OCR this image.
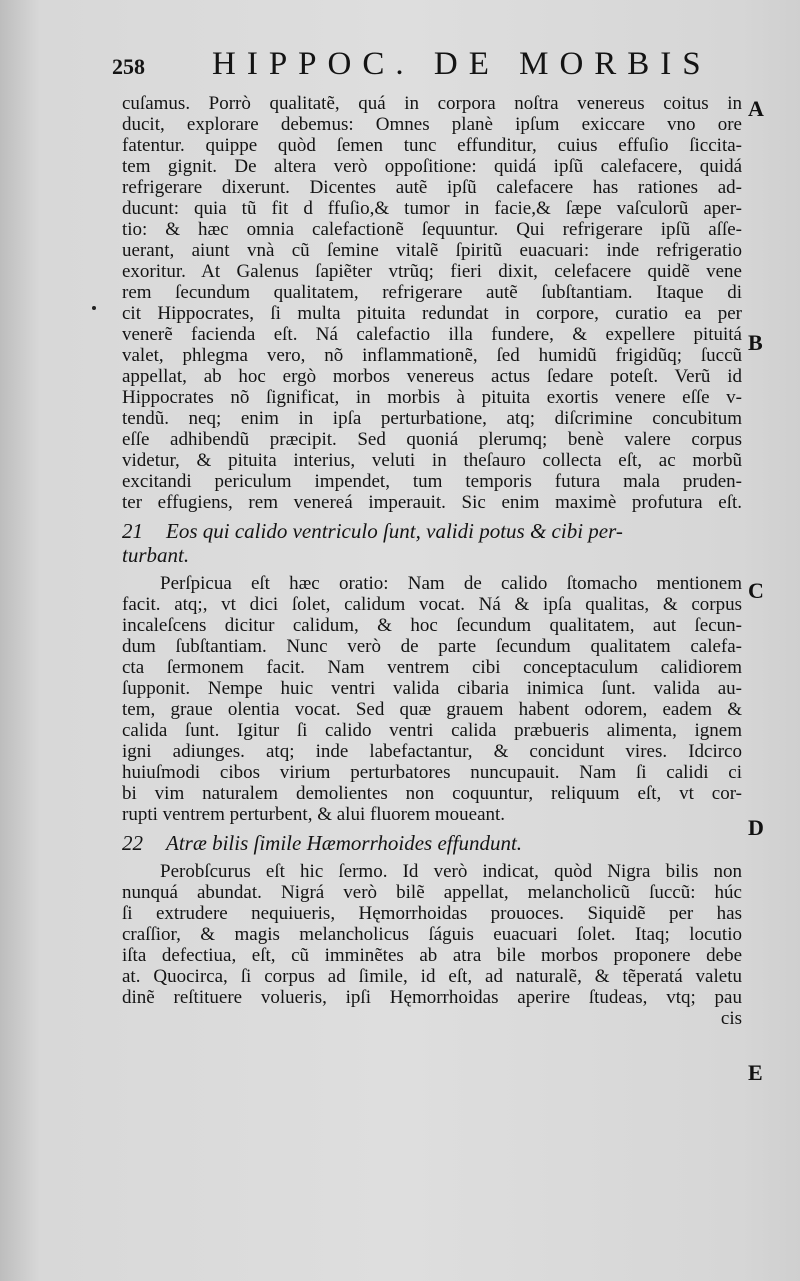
258 HIPPOC. DE MORBIS
cuſamus. Porrò qualitatẽ, quá in corpora noſtra venereus coitus in
ducit, explorare debemus: Omnes planè ipſum exiccare vno ore
fatentur. quippe quòd ſemen tunc effunditur, cuius effuſio ſiccita-
tem gignit. De altera verò oppoſitione: quidá ipſũ calefacere, quidá
refrigerare dixerunt. Dicentes autẽ ipſũ calefacere has rationes ad-
ducunt: quia tũ fit d ffuſio,& tumor in facie,& ſæpe vaſculorũ aper-
tio: & hæc omnia calefactionẽ ſequuntur. Qui refrigerare ipſũ aſſe-
uerant, aiunt vnà cũ ſemine vitalẽ ſpiritũ euacuari: inde refrigeratio
exoritur. At Galenus ſapiẽter vtrũq; fieri dixit, celefacere quidẽ vene
rem ſecundum qualitatem, refrigerare autẽ ſubſtantiam. Itaque di
cit Hippocrates, ſi multa pituita redundat in corpore, curatio ea per
venerẽ facienda eſt. Ná calefactio illa fundere, & expellere pituitá
valet, phlegma vero, nõ inflammationẽ, ſed humidũ frigidũq; ſuccũ
appellat, ab hoc ergò morbos venereus actus ſedare poteſt. Verũ id
Hippocrates nõ ſignificat, in morbis à pituita exortis venere eſſe v-
tendũ. neq; enim in ipſa perturbatione, atq; diſcrimine concubitum
eſſe adhibendũ præcipit. Sed quoniá plerumq; benè valere corpus
videtur, & pituita interius, veluti in theſauro collecta eſt, ac morbũ
excitandi periculum impendet, tum temporis futura mala pruden-
ter effugiens, rem venereá imperauit. Sic enim maximè profutura eſt.
21 Eos qui calido ventriculo ſunt, validi potus & cibi per-
turbant.
Perſpicua eſt hæc oratio: Nam de calido ſtomacho mentionem
facit. atq;, vt dici ſolet, calidum vocat. Ná & ipſa qualitas, & corpus
incaleſcens dicitur calidum, & hoc ſecundum qualitatem, aut ſecun-
dum ſubſtantiam. Nunc verò de parte ſecundum qualitatem calefa-
cta ſermonem facit. Nam ventrem cibi conceptaculum calidiorem
ſupponit. Nempe huic ventri valida cibaria inimica ſunt. valida au-
tem, graue olentia vocat. Sed quæ grauem habent odorem, eadem &
calida ſunt. Igitur ſi calido ventri calida præbueris alimenta, ignem
igni adiunges. atq; inde labefactantur, & concidunt vires. Idcirco
huiuſmodi cibos virium perturbatores nuncupauit. Nam ſi calidi ci
bi vim naturalem demolientes non coquuntur, reliquum eſt, vt cor-
rupti ventrem perturbent, & alui fluorem moueant.
22 Atræ bilis ſimile Hæmorrhoides effundunt.
Perobſcurus eſt hic ſermo. Id verò indicat, quòd Nigra bilis non
nunquá abundat. Nigrá verò bilẽ appellat, melancholicũ ſuccũ: húc
ſi extrudere nequiueris, Hęmorrhoidas prouoces. Siquidẽ per has
craſſior, & magis melancholicus ſáguis euacuari ſolet. Itaq; locutio
iſta defectiua, eſt, cũ imminẽtes ab atra bile morbos proponere debe
at. Quocirca, ſi corpus ad ſimile, id eſt, ad naturalẽ, & tẽperatá valetu
dinẽ reſtituere volueris, ipſi Hęmorrhoidas aperire ſtudeas, vtq; pau
cis
A
B
C
D
E
